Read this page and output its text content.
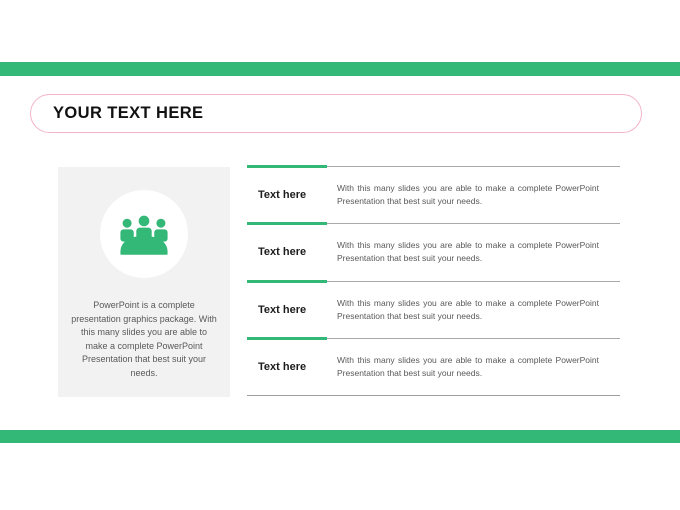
YOUR TEXT HERE

PowerPoint is a complete presentation graphics package. With this many slides you are able to make a complete PowerPoint Presentation that best suit your needs.

Text here

With this many slides you are able to make a complete PowerPoint Presentation that best suit your needs.

Text here

With this many slides you are able to make a complete PowerPoint Presentation that best suit your needs.

Text here

With this many slides you are able to make a complete PowerPoint Presentation that best suit your needs.

Text here

With this many slides you are able to make a complete PowerPoint Presentation that best suit your needs.
